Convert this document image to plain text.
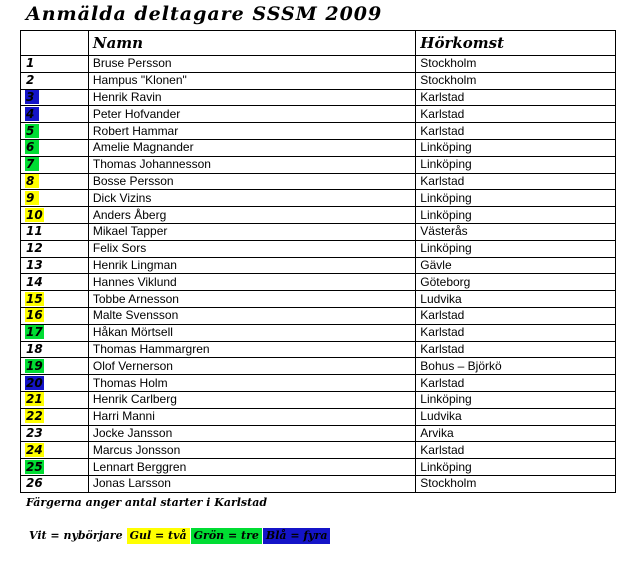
Anmälda deltagare SSSM 2009
	Namn	Hörkomst
1	Bruse Persson	Stockholm
2	Hampus "Klonen"	Stockholm
3	Henrik Ravin	Karlstad
4	Peter Hofvander	Karlstad
5	Robert Hammar	Karlstad
6	Amelie Magnander	Linköping
7	Thomas Johannesson	Linköping
8	Bosse Persson	Karlstad
9	Dick Vizins	Linköping
10	Anders Åberg	Linköping
11	Mikael Tapper	Västerås
12	Felix Sors	Linköping
13	Henrik Lingman	Gävle
14	Hannes Viklund	Göteborg
15	Tobbe Arnesson	Ludvika
16	Malte Svensson	Karlstad
17	Håkan Mörtsell	Karlstad
18	Thomas Hammargren	Karlstad
19	Olof Vernerson	Bohus – Björkö
20	Thomas Holm	Karlstad
21	Henrik Carlberg	Linköping
22	Harri Manni	Ludvika
23	Jocke Jansson	Arvika
24	Marcus Jonsson	Karlstad
25	Lennart Berggren	Linköping
26	Jonas Larsson	Stockholm
Färgerna anger antal starter i Karlstad
Vit = nybörjare Gul = två Grön = tre Blå = fyra
